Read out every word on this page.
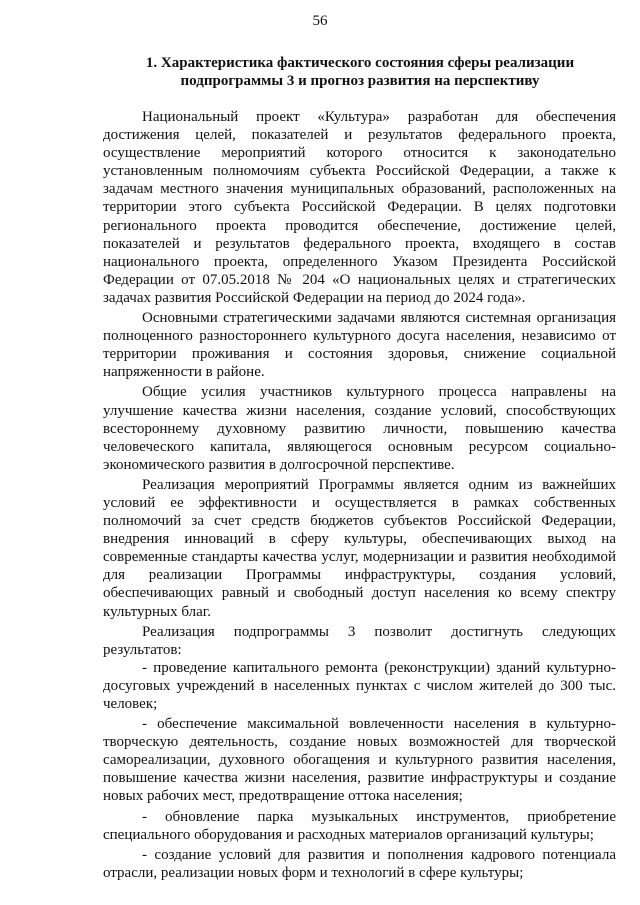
56
1. Характеристика фактического состояния сферы реализации
подпрограммы 3 и прогноз развития на перспективу

Национальный проект «Культура» разработан для обеспечения достижения целей, показателей и результатов федерального проекта, осуществление мероприятий которого относится к законодательно установленным полномочиям субъекта Российской Федерации, а также к задачам местного значения муниципальных образований, расположенных на территории этого субъекта Российской Федерации. В целях подготовки регионального проекта проводится обеспечение, достижение целей, показателей и результатов федерального проекта, входящего в состав национального проекта, определенного Указом Президента Российской Федерации от 07.05.2018 № 204 «О национальных целях и стратегических задачах развития Российской Федерации на период до 2024 года».

Основными стратегическими задачами являются системная организация полноценного разностороннего культурного досуга населения, независимо от территории проживания и состояния здоровья, снижение социальной напряженности в районе.

Общие усилия участников культурного процесса направлены на улучшение качества жизни населения, создание условий, способствующих всестороннему духовному развитию личности, повышению качества человеческого капитала, являющегося основным ресурсом социально-экономического развития в долгосрочной перспективе.

Реализация мероприятий Программы является одним из важнейших условий ее эффективности и осуществляется в рамках собственных полномочий за счет средств бюджетов субъектов Российской Федерации, внедрения инноваций в сферу культуры, обеспечивающих выход на современные стандарты качества услуг, модернизации и развития необходимой для реализации Программы инфраструктуры, создания условий, обеспечивающих равный и свободный доступ населения ко всему спектру культурных благ.

Реализация подпрограммы 3 позволит достигнуть следующих результатов:

- проведение капитального ремонта (реконструкции) зданий культурно-досуговых учреждений в населенных пунктах с числом жителей до 300 тыс. человек;

- обеспечение максимальной вовлеченности населения в культурно-творческую деятельность, создание новых возможностей для творческой самореализации, духовного обогащения и культурного развития населения, повышение качества жизни населения, развитие инфраструктуры и создание новых рабочих мест, предотвращение оттока населения;

- обновление парка музыкальных инструментов, приобретение специального оборудования и расходных материалов организаций культуры;

- создание условий для развития и пополнения кадрового потенциала отрасли, реализации новых форм и технологий в сфере культуры;
